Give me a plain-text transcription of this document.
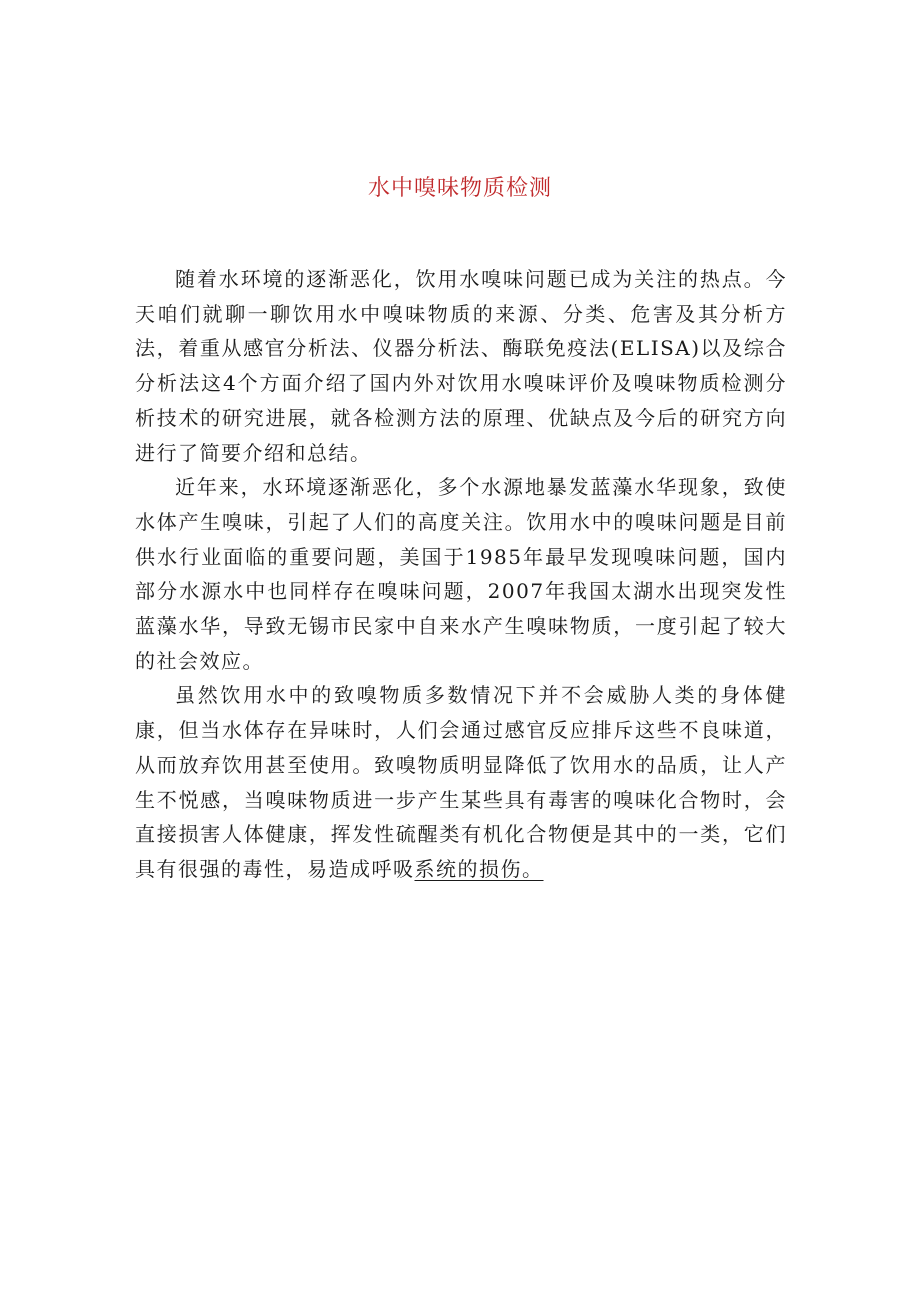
水中嗅味物质检测

随着水环境的逐渐恶化，饮用水嗅味问题已成为关注的热点。今天咱们就聊一聊饮用水中嗅味物质的来源、分类、危害及其分析方法，着重从感官分析法、仪器分析法、酶联免疫法(ELISA)以及综合分析法这4个方面介绍了国内外对饮用水嗅味评价及嗅味物质检测分析技术的研究进展，就各检测方法的原理、优缺点及今后的研究方向进行了简要介绍和总结。

近年来，水环境逐渐恶化，多个水源地暴发蓝藻水华现象，致使水体产生嗅味，引起了人们的高度关注。饮用水中的嗅味问题是目前供水行业面临的重要问题，美国于1985年最早发现嗅味问题，国内部分水源水中也同样存在嗅味问题，2007年我国太湖水出现突发性蓝藻水华，导致无锡市民家中自来水产生嗅味物质，一度引起了较大的社会效应。

虽然饮用水中的致嗅物质多数情况下并不会威胁人类的身体健康，但当水体存在异味时，人们会通过感官反应排斥这些不良味道，从而放弃饮用甚至使用。致嗅物质明显降低了饮用水的品质，让人产生不悦感，当嗅味物质进一步产生某些具有毒害的嗅味化合物时，会直接损害人体健康，挥发性硫醒类有机化合物便是其中的一类，它们具有很强的毒性，易造成呼吸系统的损伤。
